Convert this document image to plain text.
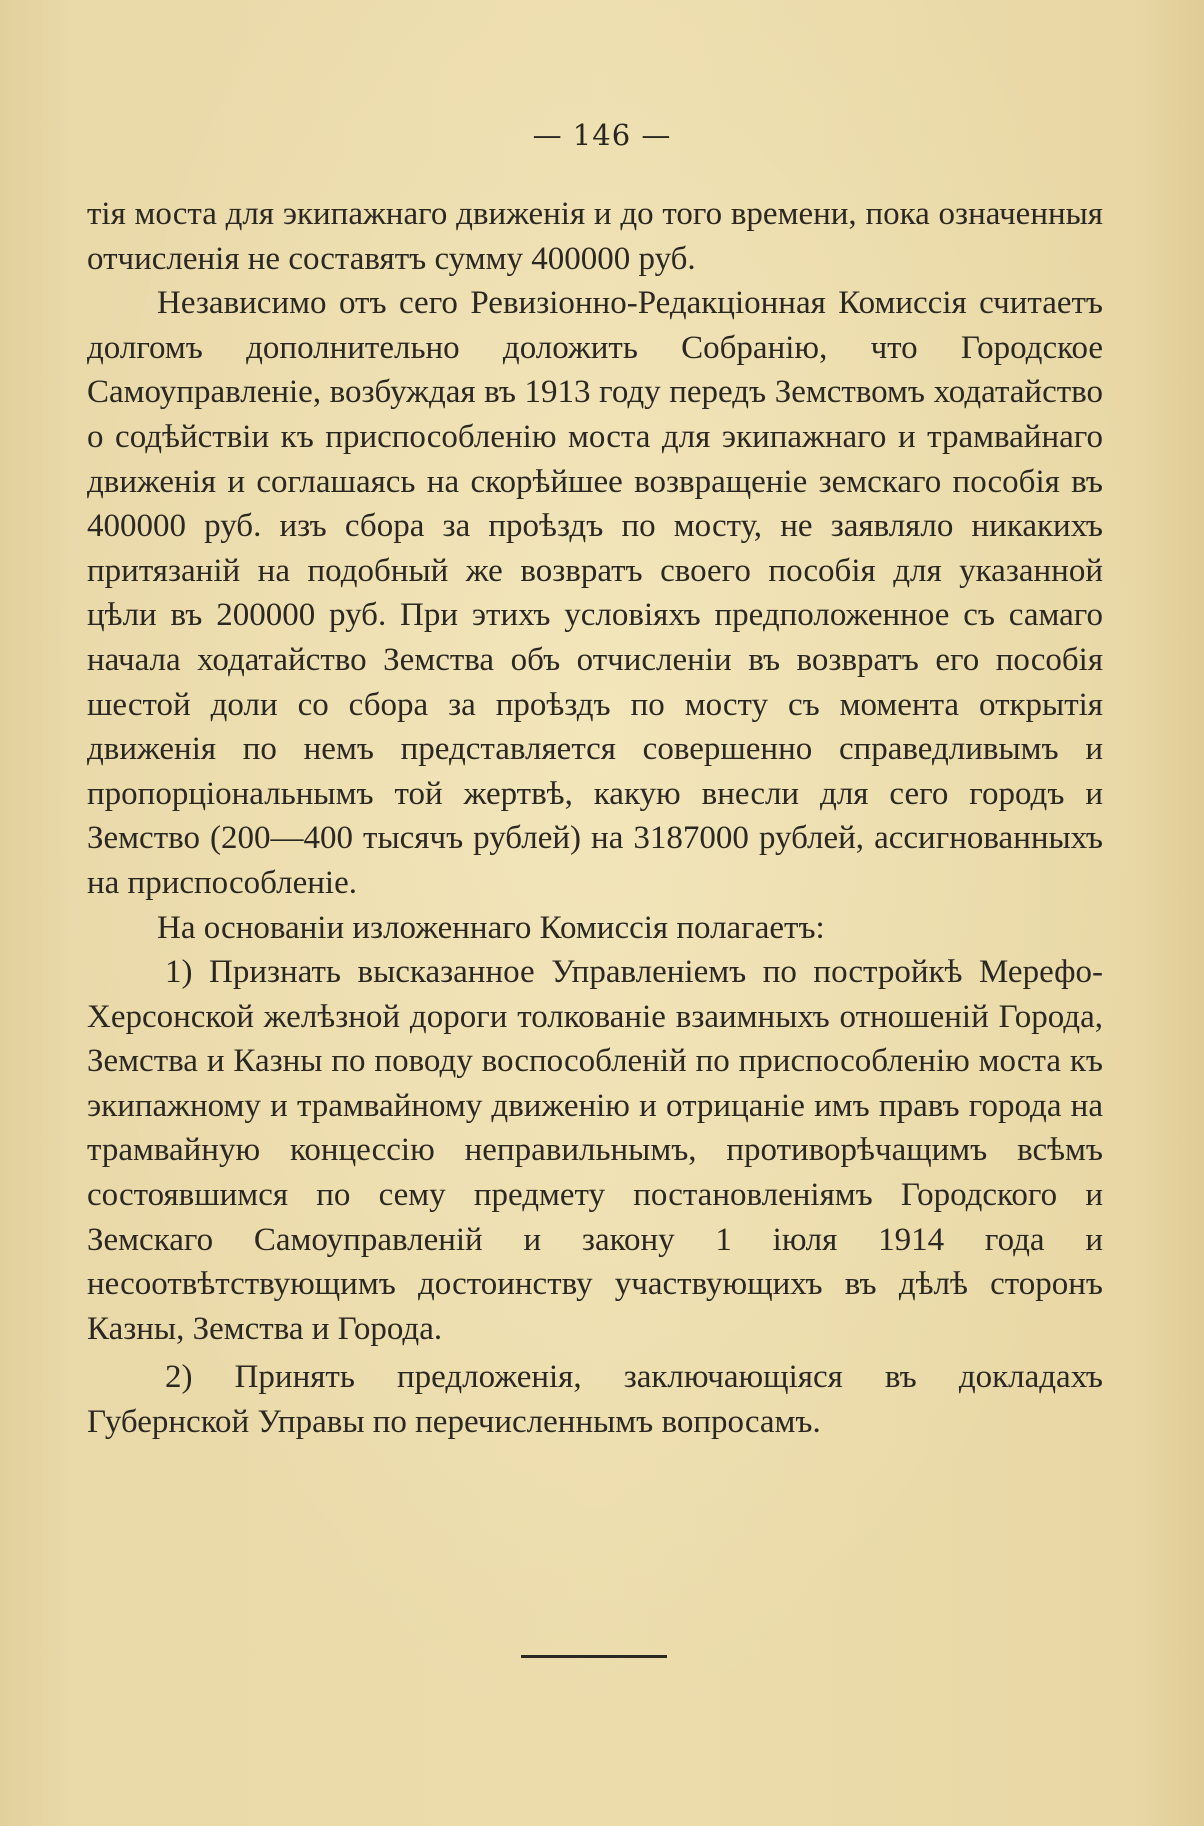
— 146 —

тія моста для экипажнаго движенія и до того времени, пока означенныя отчисленія не составятъ сумму 400000 руб.

Независимо отъ сего Ревизіонно-Редакціонная Комиссія считаетъ долгомъ дополнительно доложить Собранію, что Городское Самоуправленіе, возбуждая въ 1913 году передъ Земствомъ ходатайство о содѣйствіи къ приспособленію моста для экипажнаго и трамвайнаго движенія и соглашаясь на скорѣйшее возвращеніе земскаго пособія въ 400000 руб. изъ сбора за проѣздъ по мосту, не заявляло никакихъ притязаній на подобный же возвратъ своего пособія для указанной цѣли въ 200000 руб. При этихъ условіяхъ предположенное съ самаго начала ходатайство Земства объ отчисленіи въ возвратъ его пособія шестой доли со сбора за проѣздъ по мосту съ момента открытія движенія по немъ представляется совершенно справедливымъ и пропорціональнымъ той жертвѣ, какую внесли для сего городъ и Земство (200—400 тысячъ рублей) на 3187000 рублей, ассигнованныхъ на приспособленіе.

На основаніи изложеннаго Комиссія полагаетъ:

1) Признать высказанное Управленіемъ по постройкѣ Мерефо-Херсонской желѣзной дороги толкованіе взаимныхъ отношеній Города, Земства и Казны по поводу воспособленій по приспособленію моста къ экипажному и трамвайному движенію и отрицаніе имъ правъ города на трамвайную концессію неправильнымъ, противорѣчащимъ всѣмъ состоявшимся по сему предмету постановленіямъ Городского и Земскаго Самоуправленій и закону 1 іюля 1914 года и несоотвѣтствующимъ достоинству участвующихъ въ дѣлѣ сторонъ Казны, Земства и Города.

2) Принять предложенія, заключающіяся въ докладахъ Губернской Управы по перечисленнымъ вопросамъ.
